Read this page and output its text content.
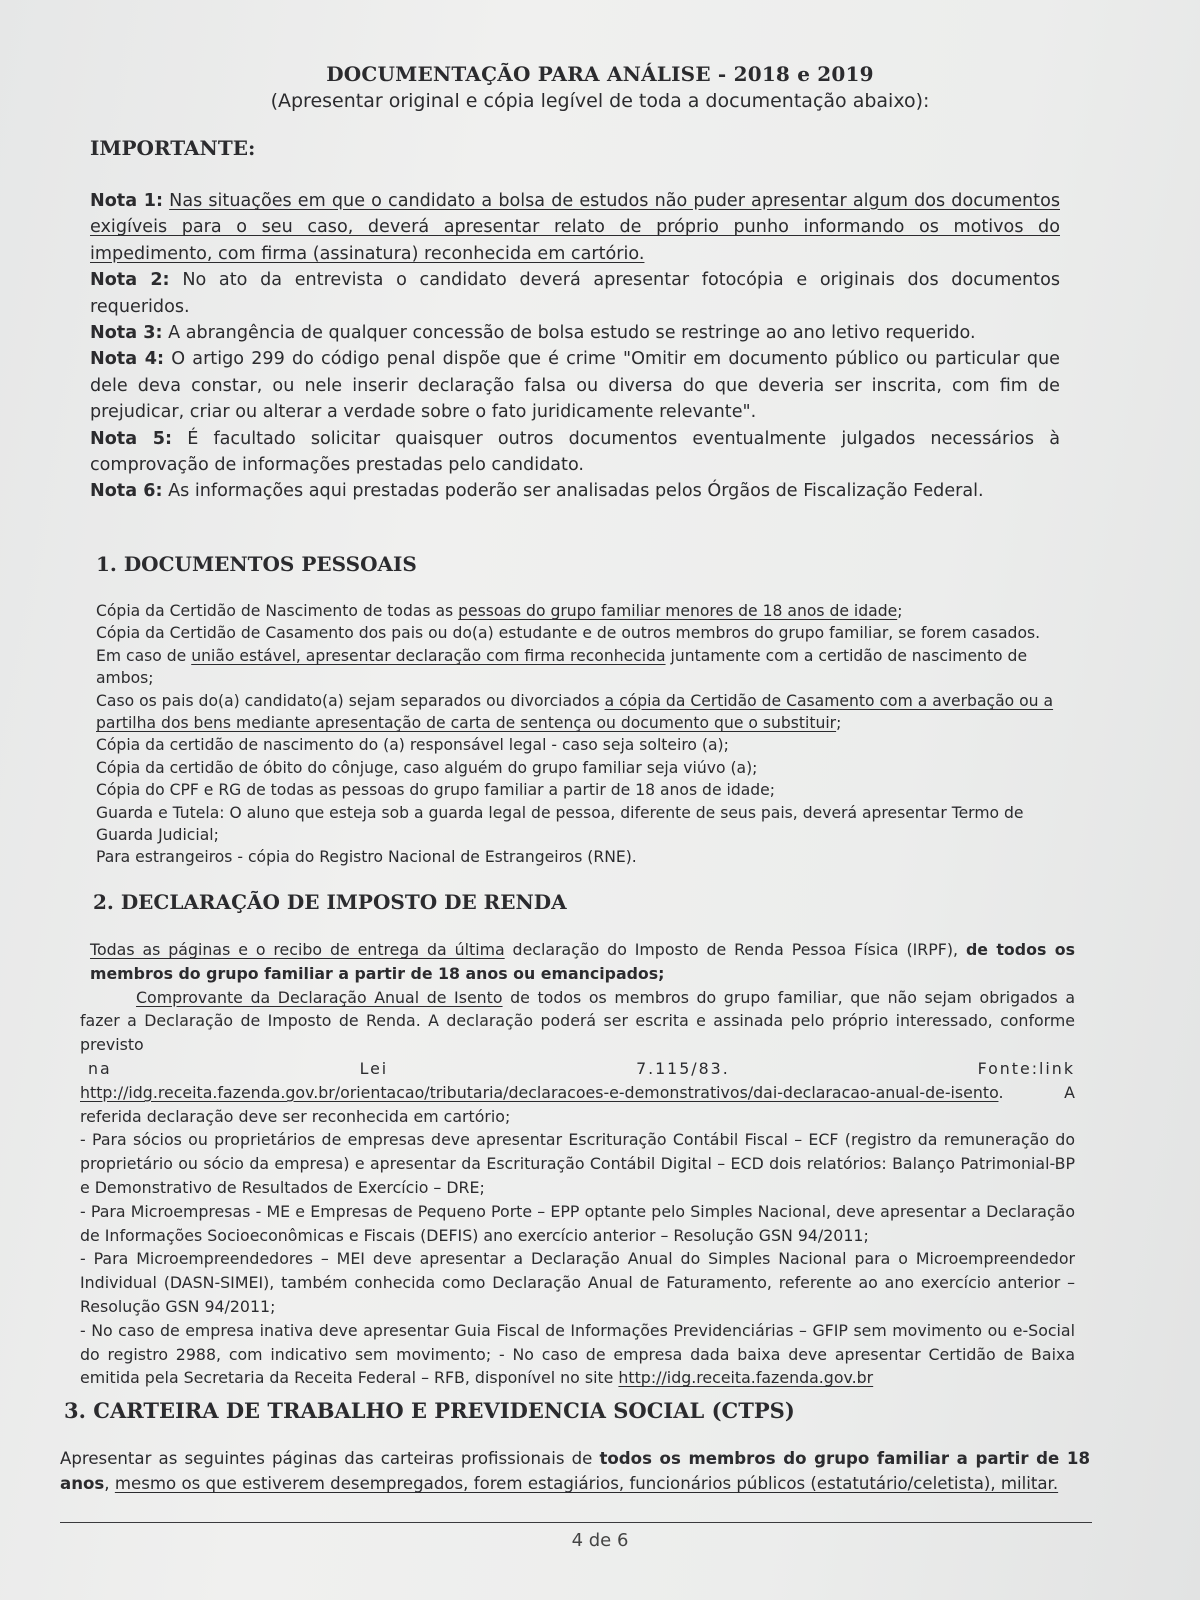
DOCUMENTAÇÃO PARA ANÁLISE - 2018 e 2019
(Apresentar original e cópia legível de toda a documentação abaixo):
IMPORTANTE:

Nota 1: Nas situações em que o candidato a bolsa de estudos não puder apresentar algum dos documentos exigíveis para o seu caso, deverá apresentar relato de próprio punho informando os motivos do impedimento, com firma (assinatura) reconhecida em cartório.

Nota 2: No ato da entrevista o candidato deverá apresentar fotocópia e originais dos documentos requeridos.

Nota 3: A abrangência de qualquer concessão de bolsa estudo se restringe ao ano letivo requerido.

Nota 4: O artigo 299 do código penal dispõe que é crime "Omitir em documento público ou particular que dele deva constar, ou nele inserir declaração falsa ou diversa do que deveria ser inscrita, com fim de prejudicar, criar ou alterar a verdade sobre o fato juridicamente relevante".

Nota 5: É facultado solicitar quaisquer outros documentos eventualmente julgados necessários à comprovação de informações prestadas pelo candidato.

Nota 6: As informações aqui prestadas poderão ser analisadas pelos Órgãos de Fiscalização Federal.

1. DOCUMENTOS PESSOAIS

Cópia da Certidão de Nascimento de todas as pessoas do grupo familiar menores de 18 anos de idade;

Cópia da Certidão de Casamento dos pais ou do(a) estudante e de outros membros do grupo familiar, se forem casados. Em caso de união estável, apresentar declaração com firma reconhecida juntamente com a certidão de nascimento de ambos;

Caso os pais do(a) candidato(a) sejam separados ou divorciados a cópia da Certidão de Casamento com a averbação ou a partilha dos bens mediante apresentação de carta de sentença ou documento que o substituir;

Cópia da certidão de nascimento do (a) responsável legal - caso seja solteiro (a);

Cópia da certidão de óbito do cônjuge, caso alguém do grupo familiar seja viúvo (a);

Cópia do CPF e RG de todas as pessoas do grupo familiar a partir de 18 anos de idade;

Guarda e Tutela: O aluno que esteja sob a guarda legal de pessoa, diferente de seus pais, deverá apresentar Termo de Guarda Judicial;

Para estrangeiros - cópia do Registro Nacional de Estrangeiros (RNE).

2. DECLARAÇÃO DE IMPOSTO DE RENDA

Todas as páginas e o recibo de entrega da última declaração do Imposto de Renda Pessoa Física (IRPF), de todos os membros do grupo familiar a partir de 18 anos ou emancipados;

Comprovante da Declaração Anual de Isento de todos os membros do grupo familiar, que não sejam obrigados a fazer a Declaração de Imposto de Renda. A declaração poderá ser escrita e assinada pelo próprio interessado, conforme previsto

na	Lei	7.115/83.	Fonte:link

http://idg.receita.fazenda.gov.br/orientacao/tributaria/declaracoes-e-demonstrativos/dai-declaracao-anual-de-isento. A referida declaração deve ser reconhecida em cartório;

- Para sócios ou proprietários de empresas deve apresentar Escrituração Contábil Fiscal – ECF (registro da remuneração do proprietário ou sócio da empresa) e apresentar da Escrituração Contábil Digital – ECD dois relatórios: Balanço Patrimonial-BP e Demonstrativo de Resultados de Exercício – DRE;

- Para Microempresas - ME e Empresas de Pequeno Porte – EPP optante pelo Simples Nacional, deve apresentar a Declaração de Informações Socioeconômicas e Fiscais (DEFIS) ano exercício anterior – Resolução GSN 94/2011;

- Para Microempreendedores – MEI deve apresentar a Declaração Anual do Simples Nacional para o Microempreendedor Individual (DASN-SIMEI), também conhecida como Declaração Anual de Faturamento, referente ao ano exercício anterior – Resolução GSN 94/2011;

- No caso de empresa inativa deve apresentar Guia Fiscal de Informações Previdenciárias – GFIP sem movimento ou e-Social do registro 2988, com indicativo sem movimento; - No caso de empresa dada baixa deve apresentar Certidão de Baixa emitida pela Secretaria da Receita Federal – RFB, disponível no site http://idg.receita.fazenda.gov.br

3. CARTEIRA DE TRABALHO E PREVIDENCIA SOCIAL (CTPS)

Apresentar as seguintes páginas das carteiras profissionais de todos os membros do grupo familiar a partir de 18 anos, mesmo os que estiverem desempregados, forem estagiários, funcionários públicos (estatutário/celetista), militar.

4 de 6
